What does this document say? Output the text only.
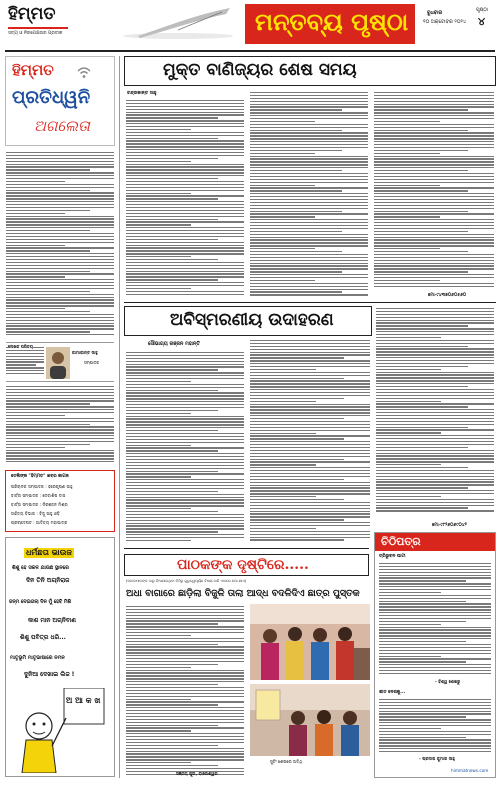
ହିମ୍ମତ
ସତ୍ୟ ଓ ନିରପେକ୍ଷତାର ପ୍ରତୀକ	ମନ୍ତବ୍ୟ ପୃଷ୍ଠା	ବୁଧବାର
୧୦ ଅକ୍ଟୋବର ୨୦୨୪
ପୃଷ୍ଠା
୪
ହିମ୍ମତ
ପ୍ରତିଧ୍ୱନି
ଅଗଲେତା
ଲେଖକ ପରିଚୟ
କାମାକାନ୍ତ ସାହୁ
ସମ୍ପାଦକ
ତେଲିଙ୍କ "ହିମ୍ମତ" ଖବର କାଗଜ
ପରିଚାଳକ ସମ୍ପାଦକ : ହରେକୃଷ୍ଣ ସାହୁ
ବାର୍ତ୍ତା ସମ୍ପାଦକ : ଦେବାଶିଷ ଦାସ
ବାର୍ତ୍ତା ସମ୍ପାଦକ : ନିରଞ୍ଜନ ମିଶ୍ର
ସାହିତ୍ୟ ବିଭାଗ : ବିଜୁ ସାହୁ ଓଡ଼ି
ପ୍ରଚ୍ଛଦପଟ : ଆଦିତ୍ୟ ମହାପାତ୍ର
ଧର୍ମଛତା ଭାଉଜ
ଶିଶୁ ହେ ସକଳ ଯାଉଛ ସ୍ଥାନରେ
ଦିନ ତିନି ଅଗ୍ନିରାଜ
ଜନ୍ମ ଦେଇଗଲା ଦିନ ମୁଁ ହେବି ମିଶି
କାଶ ମାନ ଅଗ୍ନିବାଣ
ଶିଶୁ ପବିତ୍ର ଧରି...
ମାତୃଭୂମି ମାତୃଭାଷାରେ ନମନ
ଦୁନିଆ ଦେଖାଇ ଲିଜ !
ଅ ଆ କ ଖ
ମୁକ୍ତ ବାଣିଜ୍ୟର ଶେଷ ସମୟ
ଚନ୍ଦ୍ରକାନ୍ତ ସାହୁ
ମୋ-୯୪୩୭୦୬୦୫୬୦
ଅବିସ୍ମରଣୀୟ ଉଦାହରଣ
ସୌଭାଗ୍ୟ ରଞ୍ଜନ ମହାନ୍ତି
ମୋ-୯୮୨୬୦୬୯୦୪୨
ପାଠକଙ୍କ ଦୃଷ୍ଟିରେ.....
(ପାଠକମାନଙ୍କ ଠାରୁ ଦିଆଯାଉଥିବା ଚିଠିରୁ ଗୁରୁତ୍ୱପୂର୍ଣ୍ଣ ବିଷୟ ବାଛି ଏଠାରେ ଛପା ଯାଏ)
ଅଧା ବାଗାରେ ଛାଡ଼ିଲା ବିଜୁଳି ତାଲା ଆଦ୍ଧ ବଦଳିଦିଏ ଛାତ୍ର ପୁସ୍ତକ
ସୁଟିଂ ଶେଷରେ ଅତିଥି
ସଞ୍ଜୟ ପୁଅ, ବାଲେଶ୍ୱର
ଚିଠିପତ୍ର
ତ୍ରିଭୁବନ ଘାଟୀ
- ବିଶ୍ୱ ଶେଖରୁ
ଶୀତ ଦେଶକୁ...
- ପ୍ରଦୀପ କୁମାର ସାହୁ
himmatnews.com
